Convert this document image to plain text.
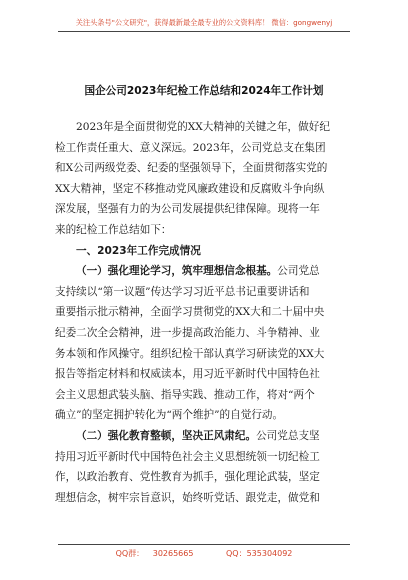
关注头条号"公文研究"，获得最新最全最专业的公文资料库！ 微信：gongwenyj
国企公司2023年纪检工作总结和2024年工作计划
2023年是全面贯彻党的XX大精神的关键之年，做好纪
检工作责任重大、意义深远。2023年，公司党总支在集团
和X公司两级党委、纪委的坚强领导下，全面贯彻落实党的
XX大精神，坚定不移推动党风廉政建设和反腐败斗争向纵
深发展，坚强有力的为公司发展提供纪律保障。现将一年
来的纪检工作总结如下：
一、2023年工作完成情况
（一）强化理论学习，筑牢理想信念根基。公司党总
支持续以“第一议题”传达学习习近平总书记重要讲话和
重要指示批示精神，全面学习贯彻党的XX大和二十届中央
纪委二次全会精神，进一步提高政治能力、斗争精神、业
务本领和作风操守。组织纪检干部认真学习研读党的XX大
报告等指定材料和权威读本，用习近平新时代中国特色社
会主义思想武装头脑、指导实践、推动工作，将对“两个
确立”的坚定拥护转化为“两个维护”的自觉行动。
（二）强化教育整顿，坚决正风肃纪。公司党总支坚
持用习近平新时代中国特色社会主义思想统领一切纪检工
作，以政治教育、党性教育为抓手，强化理论武装，坚定
理想信念，树牢宗旨意识，始终听党话、跟党走，做党和
QQ群： 30265665	QQ：535304092
